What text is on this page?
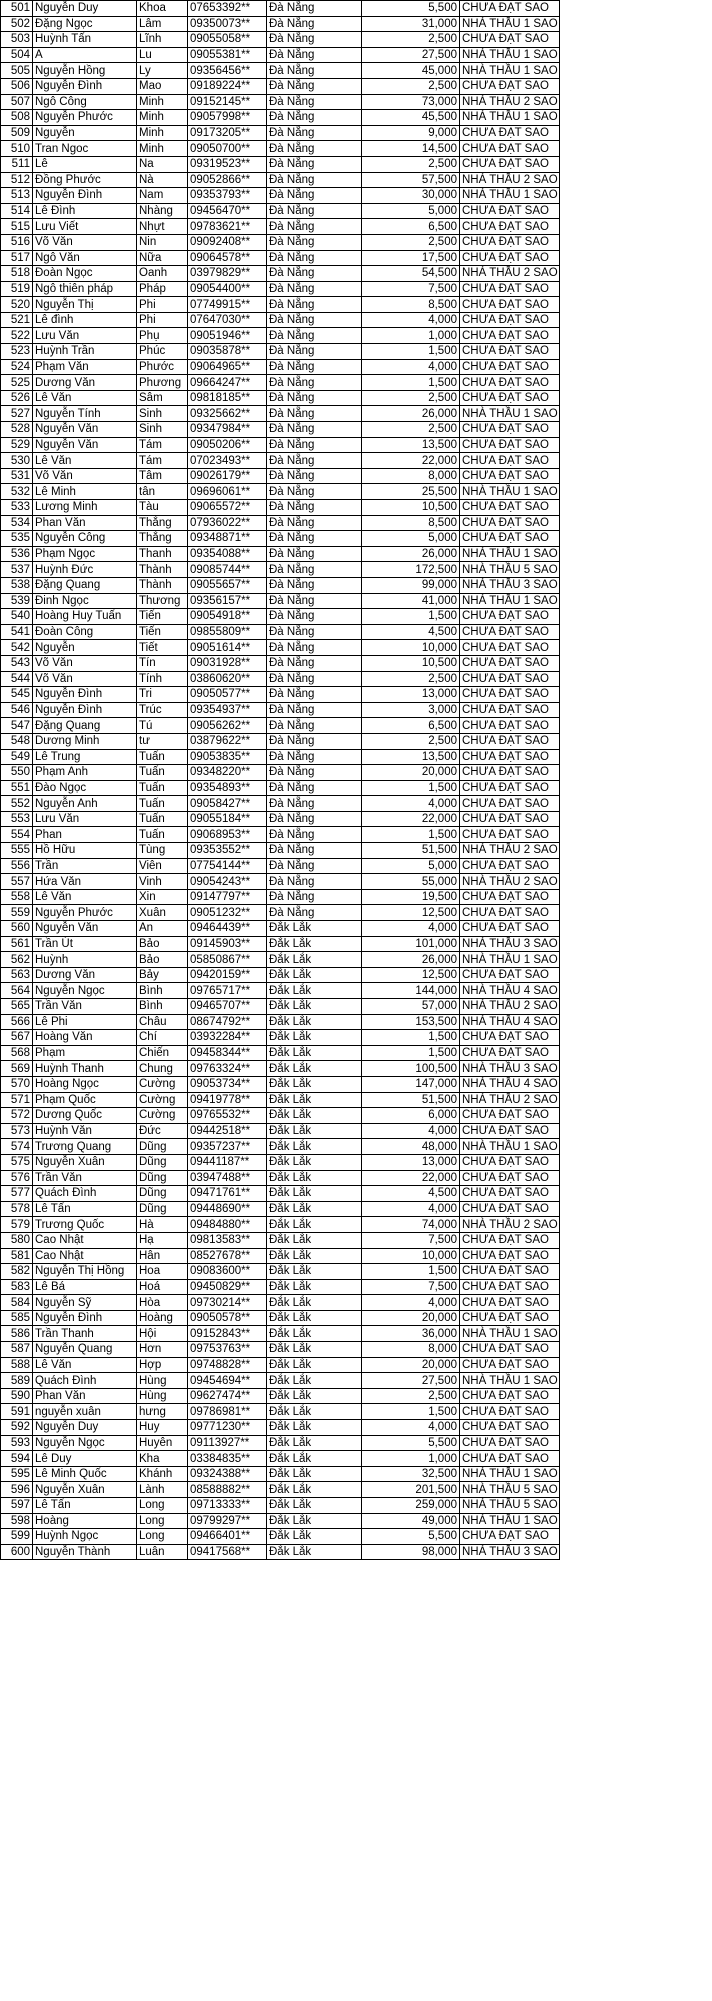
501	Nguyễn Duy	Khoa	07653392**	Đà Nẵng	5,500	CHƯA ĐẠT SAO
502	Đặng Ngọc	Lâm	09350073**	Đà Nẵng	31,000	NHÀ THẦU 1 SAO
503	Huỳnh Tấn	Lĩnh	09055058**	Đà Nẵng	2,500	CHƯA ĐẠT SAO
504	A	Lu	09055381**	Đà Nẵng	27,500	NHÀ THẦU 1 SAO
505	Nguyễn Hồng	Ly	09356456**	Đà Nẵng	45,000	NHÀ THẦU 1 SAO
506	Nguyễn Đình	Mao	09189224**	Đà Nẵng	2,500	CHƯA ĐẠT SAO
507	Ngô Công	Minh	09152145**	Đà Nẵng	73,000	NHÀ THẦU 2 SAO
508	Nguyễn Phước	Minh	09057998**	Đà Nẵng	45,500	NHÀ THẦU 1 SAO
509	Nguyễn	Minh	09173205**	Đà Nẵng	9,000	CHƯA ĐẠT SAO
510	Tran Ngoc	Minh	09050700**	Đà Nẵng	14,500	CHƯA ĐẠT SAO
511	Lê	Na	09319523**	Đà Nẵng	2,500	CHƯA ĐẠT SAO
512	Đồng Phước	Nà	09052866**	Đà Nẵng	57,500	NHÀ THẦU 2 SAO
513	Nguyễn Đình	Nam	09353793**	Đà Nẵng	30,000	NHÀ THẦU 1 SAO
514	Lê Đình	Nhàng	09456470**	Đà Nẵng	5,000	CHƯA ĐẠT SAO
515	Lưu Viết	Nhựt	09783621**	Đà Nẵng	6,500	CHƯA ĐẠT SAO
516	Võ Văn	Nin	09092408**	Đà Nẵng	2,500	CHƯA ĐẠT SAO
517	Ngô Văn	Nữa	09064578**	Đà Nẵng	17,500	CHƯA ĐẠT SAO
518	Đoàn Ngọc	Oanh	03979829**	Đà Nẵng	54,500	NHÀ THẦU 2 SAO
519	Ngô thiên pháp	Pháp	09054400**	Đà Nẵng	7,500	CHƯA ĐẠT SAO
520	Nguyễn Thị	Phi	07749915**	Đà Nẵng	8,500	CHƯA ĐẠT SAO
521	Lê đình	Phi	07647030**	Đà Nẵng	4,000	CHƯA ĐẠT SAO
522	Lưu Văn	Phụ	09051946**	Đà Nẵng	1,000	CHƯA ĐẠT SAO
523	Huỳnh Trần	Phúc	09035878**	Đà Nẵng	1,500	CHƯA ĐẠT SAO
524	Phạm Văn	Phước	09064965**	Đà Nẵng	4,000	CHƯA ĐẠT SAO
525	Dương Văn	Phương	09664247**	Đà Nẵng	1,500	CHƯA ĐẠT SAO
526	Lê Văn	Sâm	09818185**	Đà Nẵng	2,500	CHƯA ĐẠT SAO
527	Nguyễn Tính	Sinh	09325662**	Đà Nẵng	26,000	NHÀ THẦU 1 SAO
528	Nguyễn Văn	Sinh	09347984**	Đà Nẵng	2,500	CHƯA ĐẠT SAO
529	Nguyễn Văn	Tám	09050206**	Đà Nẵng	13,500	CHƯA ĐẠT SAO
530	Lê Văn	Tám	07023493**	Đà Nẵng	22,000	CHƯA ĐẠT SAO
531	Võ Văn	Tâm	09026179**	Đà Nẵng	8,000	CHƯA ĐẠT SAO
532	Lê Minh	tân	09696061**	Đà Nẵng	25,500	NHÀ THẦU 1 SAO
533	Lương Minh	Tàu	09065572**	Đà Nẵng	10,500	CHƯA ĐẠT SAO
534	Phan Văn	Thắng	07936022**	Đà Nẵng	8,500	CHƯA ĐẠT SAO
535	Nguyễn Công	Thắng	09348871**	Đà Nẵng	5,000	CHƯA ĐẠT SAO
536	Phạm Ngọc	Thanh	09354088**	Đà Nẵng	26,000	NHÀ THẦU 1 SAO
537	Huỳnh Đức	Thành	09085744**	Đà Nẵng	172,500	NHÀ THẦU 5 SAO
538	Đặng Quang	Thành	09055657**	Đà Nẵng	99,000	NHÀ THẦU 3 SAO
539	Đinh Ngọc	Thương	09356157**	Đà Nẵng	41,000	NHÀ THẦU 1 SAO
540	Hoàng Huy Tuấn	Tiến	09054918**	Đà Nẵng	1,500	CHƯA ĐẠT SAO
541	Đoàn Công	Tiến	09855809**	Đà Nẵng	4,500	CHƯA ĐẠT SAO
542	Nguyễn	Tiết	09051614**	Đà Nẵng	10,000	CHƯA ĐẠT SAO
543	Võ Văn	Tín	09031928**	Đà Nẵng	10,500	CHƯA ĐẠT SAO
544	Võ Văn	Tính	03860620**	Đà Nẵng	2,500	CHƯA ĐẠT SAO
545	Nguyễn Đình	Tri	09050577**	Đà Nẵng	13,000	CHƯA ĐẠT SAO
546	Nguyễn Đình	Trúc	09354937**	Đà Nẵng	3,000	CHƯA ĐẠT SAO
547	Đặng Quang	Tú	09056262**	Đà Nẵng	6,500	CHƯA ĐẠT SAO
548	Dương Minh	tư	03879622**	Đà Nẵng	2,500	CHƯA ĐẠT SAO
549	Lê Trung	Tuấn	09053835**	Đà Nẵng	13,500	CHƯA ĐẠT SAO
550	Phạm Anh	Tuấn	09348220**	Đà Nẵng	20,000	CHƯA ĐẠT SAO
551	Đào Ngọc	Tuấn	09354893**	Đà Nẵng	1,500	CHƯA ĐẠT SAO
552	Nguyễn Anh	Tuấn	09058427**	Đà Nẵng	4,000	CHƯA ĐẠT SAO
553	Lưu Văn	Tuấn	09055184**	Đà Nẵng	22,000	CHƯA ĐẠT SAO
554	Phan	Tuấn	09068953**	Đà Nẵng	1,500	CHƯA ĐẠT SAO
555	Hồ Hữu	Tùng	09353552**	Đà Nẵng	51,500	NHÀ THẦU 2 SAO
556	Trần	Viên	07754144**	Đà Nẵng	5,000	CHƯA ĐẠT SAO
557	Hứa Văn	Vinh	09054243**	Đà Nẵng	55,000	NHÀ THẦU 2 SAO
558	Lê Văn	Xin	09147797**	Đà Nẵng	19,500	CHƯA ĐẠT SAO
559	Nguyễn Phước	Xuân	09051232**	Đà Nẵng	12,500	CHƯA ĐẠT SAO
560	Nguyễn Văn	An	09464439**	Đắk Lắk	4,000	CHƯA ĐẠT SAO
561	Trần Út	Bảo	09145903**	Đắk Lắk	101,000	NHÀ THẦU 3 SAO
562	Huỳnh	Bảo	05850867**	Đắk Lắk	26,000	NHÀ THẦU 1 SAO
563	Dương Văn	Bảy	09420159**	Đắk Lắk	12,500	CHƯA ĐẠT SAO
564	Nguyễn Ngọc	Bình	09765717**	Đắk Lắk	144,000	NHÀ THẦU 4 SAO
565	Trần Văn	Bình	09465707**	Đắk Lắk	57,000	NHÀ THẦU 2 SAO
566	Lê Phi	Châu	08674792**	Đắk Lắk	153,500	NHÀ THẦU 4 SAO
567	Hoàng Văn	Chí	03932284**	Đắk Lắk	1,500	CHƯA ĐẠT SAO
568	Phạm	Chiến	09458344**	Đắk Lắk	1,500	CHƯA ĐẠT SAO
569	Huỳnh Thanh	Chung	09763324**	Đắk Lắk	100,500	NHÀ THẦU 3 SAO
570	Hoàng Ngọc	Cường	09053734**	Đắk Lắk	147,000	NHÀ THẦU 4 SAO
571	Phạm Quốc	Cường	09419778**	Đắk Lắk	51,500	NHÀ THẦU 2 SAO
572	Dương Quốc	Cường	09765532**	Đắk Lắk	6,000	CHƯA ĐẠT SAO
573	Huỳnh Văn	Đức	09442518**	Đắk Lắk	4,000	CHƯA ĐẠT SAO
574	Trương Quang	Dũng	09357237**	Đắk Lắk	48,000	NHÀ THẦU 1 SAO
575	Nguyễn Xuân	Dũng	09441187**	Đắk Lắk	13,000	CHƯA ĐẠT SAO
576	Trần Văn	Dũng	03947488**	Đắk Lắk	22,000	CHƯA ĐẠT SAO
577	Quách Đình	Dũng	09471761**	Đắk Lắk	4,500	CHƯA ĐẠT SAO
578	Lê Tấn	Dũng	09448690**	Đắk Lắk	4,000	CHƯA ĐẠT SAO
579	Trương Quốc	Hà	09484880**	Đắk Lắk	74,000	NHÀ THẦU 2 SAO
580	Cao Nhật	Hạ	09813583**	Đắk Lắk	7,500	CHƯA ĐẠT SAO
581	Cao Nhật	Hân	08527678**	Đắk Lắk	10,000	CHƯA ĐẠT SAO
582	Nguyễn Thị Hồng	Hoa	09083600**	Đắk Lắk	1,500	CHƯA ĐẠT SAO
583	Lê Bá	Hoá	09450829**	Đắk Lắk	7,500	CHƯA ĐẠT SAO
584	Nguyễn Sỹ	Hòa	09730214**	Đắk Lắk	4,000	CHƯA ĐẠT SAO
585	Nguyễn Đình	Hoàng	09050578**	Đắk Lắk	20,000	CHƯA ĐẠT SAO
586	Trần Thanh	Hội	09152843**	Đắk Lắk	36,000	NHÀ THẦU 1 SAO
587	Nguyễn Quang	Hơn	09753763**	Đắk Lắk	8,000	CHƯA ĐẠT SAO
588	Lê Văn	Hợp	09748828**	Đắk Lắk	20,000	CHƯA ĐẠT SAO
589	Quách Đình	Hùng	09454694**	Đắk Lắk	27,500	NHÀ THẦU 1 SAO
590	Phan Văn	Hùng	09627474**	Đắk Lắk	2,500	CHƯA ĐẠT SAO
591	nguyễn xuân	hưng	09786981**	Đắk Lắk	1,500	CHƯA ĐẠT SAO
592	Nguyễn Duy	Huy	09771230**	Đắk Lắk	4,000	CHƯA ĐẠT SAO
593	Nguyễn Ngọc	Huyên	09113927**	Đắk Lắk	5,500	CHƯA ĐẠT SAO
594	Lê Duy	Kha	03384835**	Đắk Lắk	1,000	CHƯA ĐẠT SAO
595	Lê Minh Quốc	Khánh	09324388**	Đắk Lắk	32,500	NHÀ THẦU 1 SAO
596	Nguyễn Xuân	Lành	08588882**	Đắk Lắk	201,500	NHÀ THẦU 5 SAO
597	Lê Tấn	Long	09713333**	Đắk Lắk	259,000	NHÀ THẦU 5 SAO
598	Hoàng	Long	09799297**	Đắk Lắk	49,000	NHÀ THẦU 1 SAO
599	Huỳnh Ngọc	Long	09466401**	Đắk Lắk	5,500	CHƯA ĐẠT SAO
600	Nguyễn Thành	Luân	09417568**	Đắk Lắk	98,000	NHÀ THẦU 3 SAO
